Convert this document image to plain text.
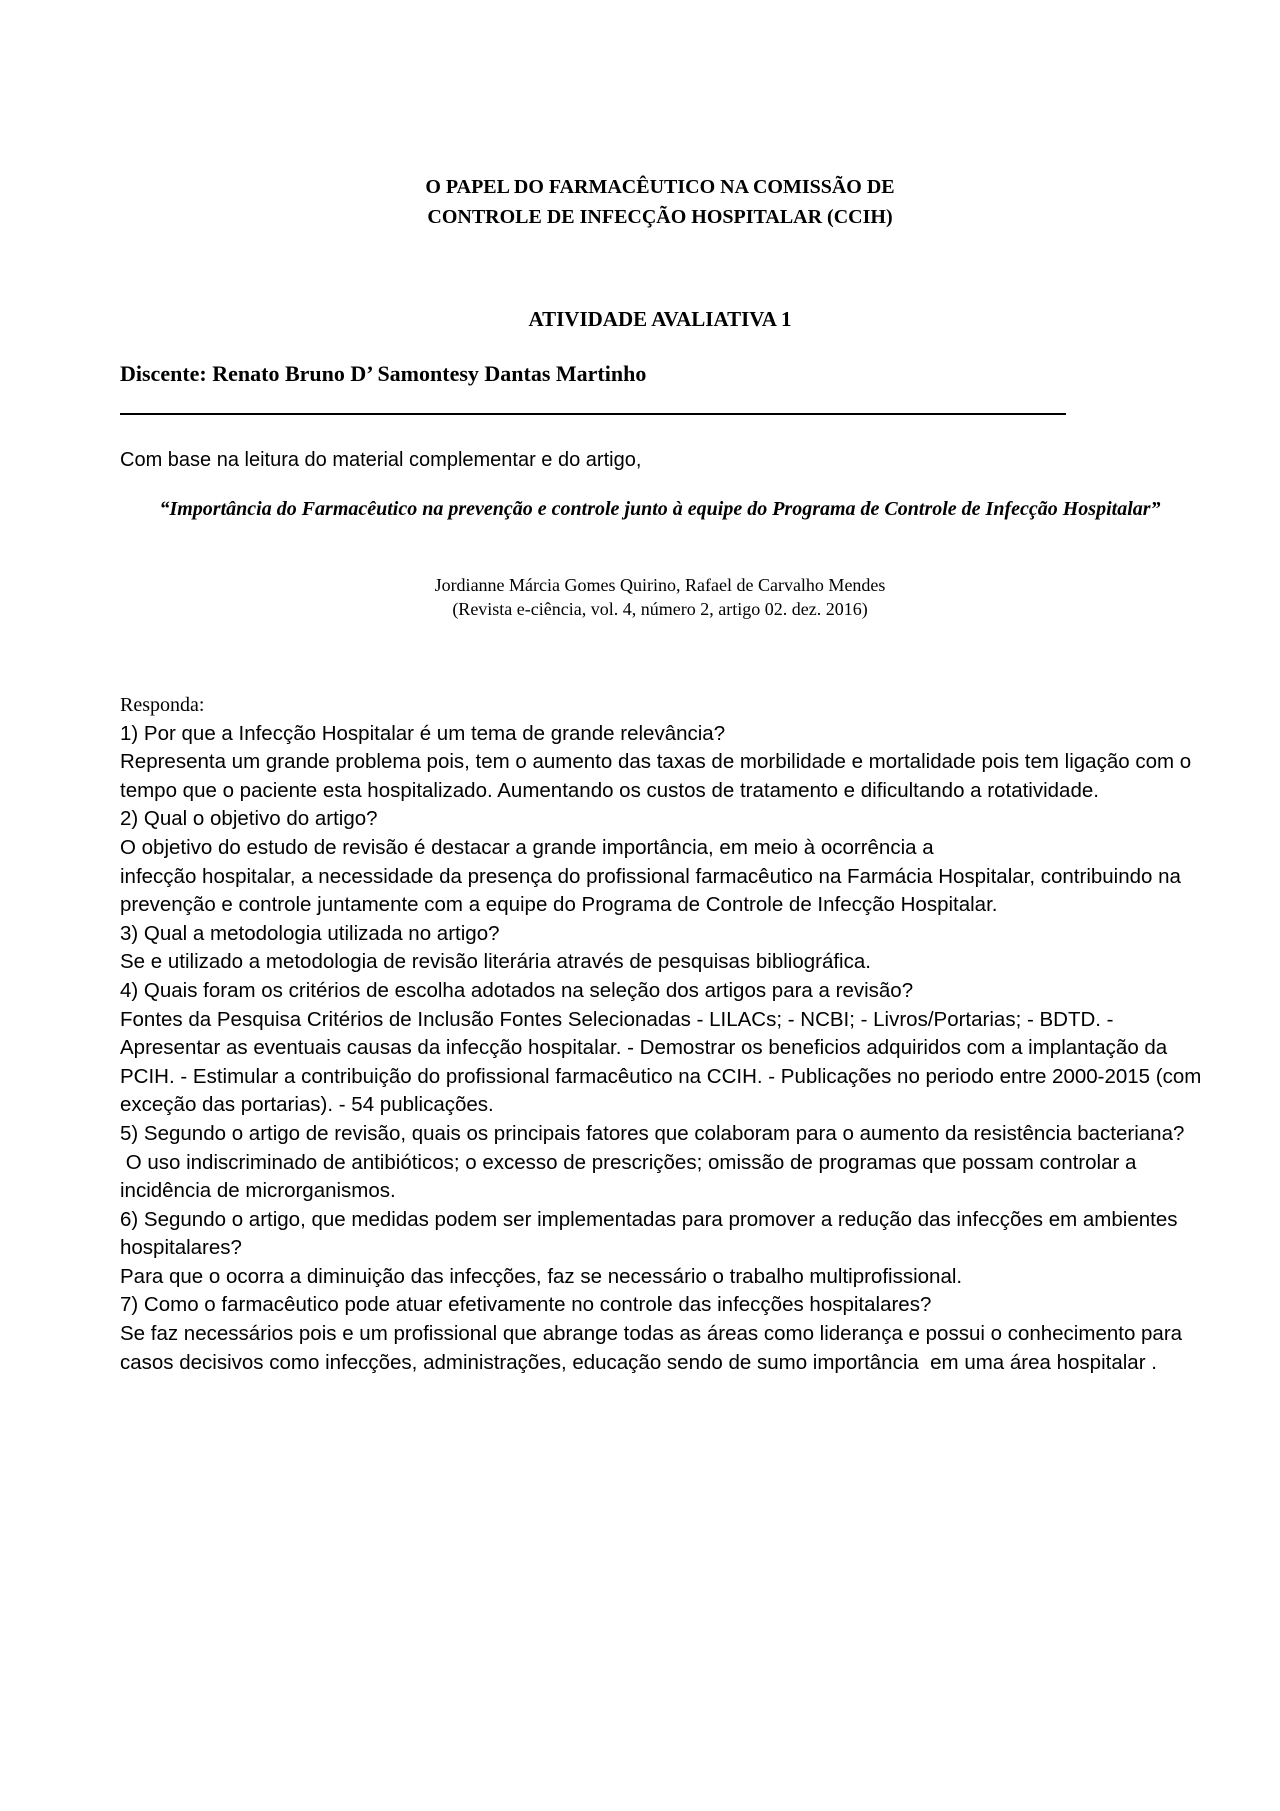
O PAPEL DO FARMACÊUTICO NA COMISSÃO DE
CONTROLE DE INFECÇÃO HOSPITALAR (CCIH)
ATIVIDADE AVALIATIVA 1
Discente: Renato Bruno D’ Samontesy Dantas Martinho
Com base na leitura do material complementar e do artigo,
“Importância do Farmacêutico na prevenção e controle junto à equipe do Programa de Controle de Infecção Hospitalar”
Jordianne Márcia Gomes Quirino, Rafael de Carvalho Mendes
(Revista e-ciência, vol. 4, número 2, artigo 02. dez. 2016)

Responda:

1) Por que a Infecção Hospitalar é um tema de grande relevância?

Representa um grande problema pois, tem o aumento das taxas de morbilidade e mortalidade pois tem ligação com o tempo que o paciente esta hospitalizado. Aumentando os custos de tratamento e dificultando a rotatividade.

2) Qual o objetivo do artigo?

O objetivo do estudo de revisão é destacar a grande importância, em meio à ocorrência a

infecção hospitalar, a necessidade da presença do profissional farmacêutico na Farmácia Hospitalar, contribuindo na prevenção e controle juntamente com a equipe do Programa de Controle de Infecção Hospitalar.

3) Qual a metodologia utilizada no artigo?

Se e utilizado a metodologia de revisão literária através de pesquisas bibliográfica.

4) Quais foram os critérios de escolha adotados na seleção dos artigos para a revisão?

Fontes da Pesquisa Critérios de Inclusão Fontes Selecionadas - LILACs; - NCBI; - Livros/Portarias; - BDTD. - Apresentar as eventuais causas da infecção hospitalar. - Demostrar os beneficios adquiridos com a implantação da PCIH. - Estimular a contribuição do profissional farmacêutico na CCIH. - Publicações no periodo entre 2000-2015 (com exceção das portarias). - 54 publicações.

5) Segundo o artigo de revisão, quais os principais fatores que colaboram para o aumento da resistência bacteriana?

O uso indiscriminado de antibióticos; o excesso de prescrições; omissão de programas que possam controlar a incidência de microrganismos.

6) Segundo o artigo, que medidas podem ser implementadas para promover a redução das infecções em ambientes hospitalares?

Para que o ocorra a diminuição das infecções, faz se necessário o trabalho multiprofissional.

7) Como o farmacêutico pode atuar efetivamente no controle das infecções hospitalares?

Se faz necessários pois e um profissional que abrange todas as áreas como liderança e possui o conhecimento para casos decisivos como infecções, administrações, educação sendo de sumo importância  em uma área hospitalar .
